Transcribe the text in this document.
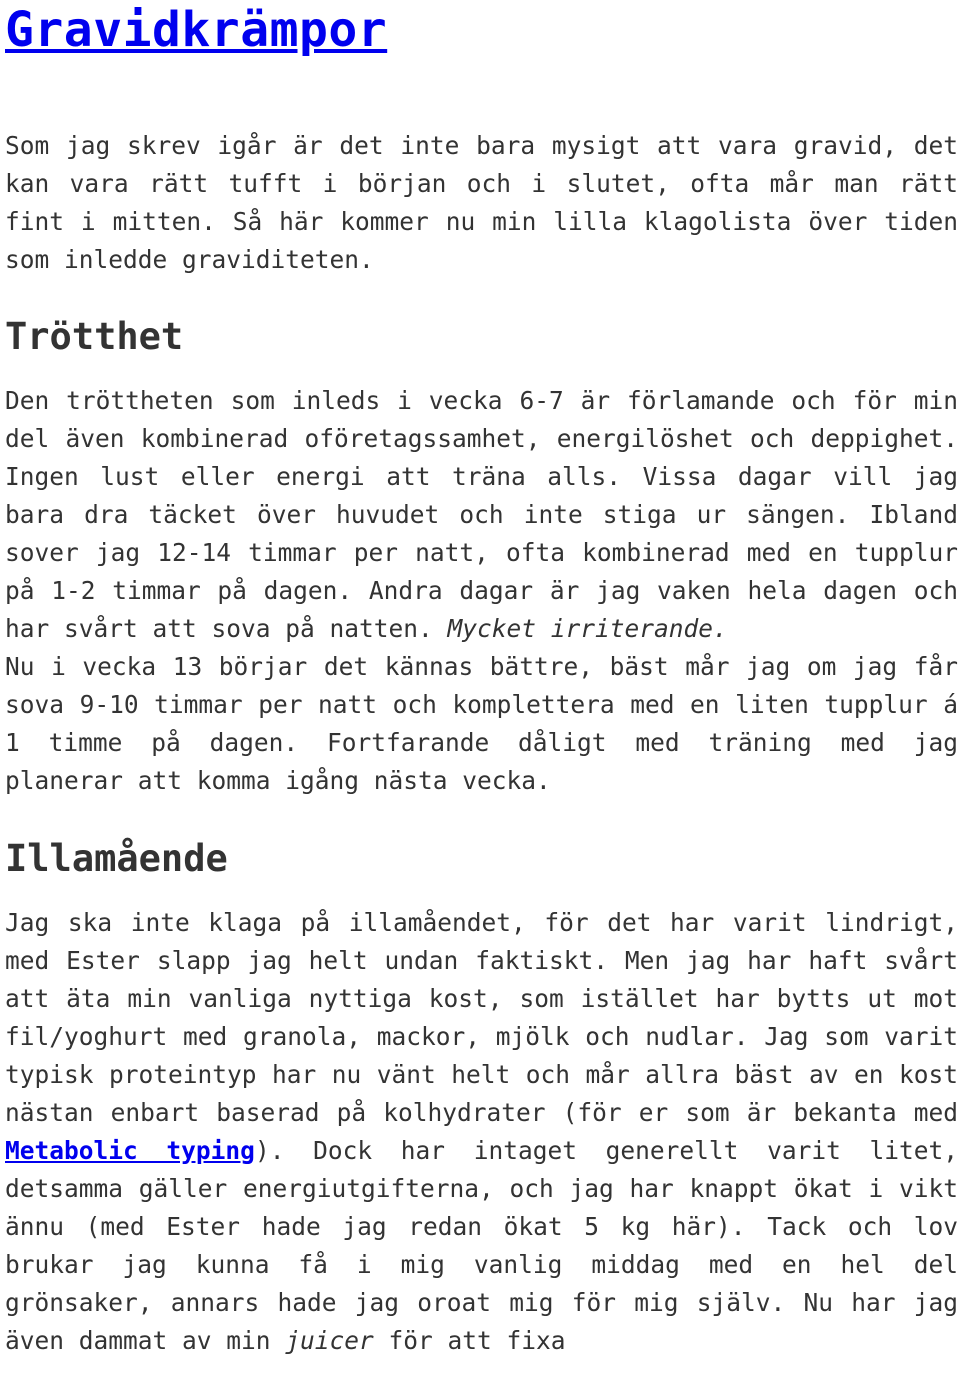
Gravidkrämpor

Som jag skrev igår är det inte bara mysigt att vara gravid, det kan vara rätt tufft i början och i slutet, ofta mår man rätt fint i mitten. Så här kommer nu min lilla klagolista över tiden som inledde graviditeten.

Trötthet

Den tröttheten som inleds i vecka 6-7 är förlamande och för min del även kombinerad oföretagssamhet, energilöshet och deppighet. Ingen lust eller energi att träna alls. Vissa dagar vill jag bara dra täcket över huvudet och inte stiga ur sängen. Ibland sover jag 12-14 timmar per natt, ofta kombinerad med en tupplur på 1-2 timmar på dagen. Andra dagar är jag vaken hela dagen och har svårt att sova på natten. Mycket irriterande.

Nu i vecka 13 börjar det kännas bättre, bäst mår jag om jag får sova 9-10 timmar per natt och komplettera med en liten tupplur á 1 timme på dagen. Fortfarande dåligt med träning med jag planerar att komma igång nästa vecka.

Illamående

Jag ska inte klaga på illamåendet, för det har varit lindrigt, med Ester slapp jag helt undan faktiskt. Men jag har haft svårt att äta min vanliga nyttiga kost, som istället har bytts ut mot fil/yoghurt med granola, mackor, mjölk och nudlar. Jag som varit typisk proteintyp har nu vänt helt och mår allra bäst av en kost nästan enbart baserad på kolhydrater (för er som är bekanta med Metabolic typing). Dock har intaget generellt varit litet, detsamma gäller energiutgifterna, och jag har knappt ökat i vikt ännu (med Ester hade jag redan ökat 5 kg här). Tack och lov brukar jag kunna få i mig vanlig middag med en hel del grönsaker, annars hade jag oroat mig för mig själv. Nu har jag även dammat av min juicer för att fixa
